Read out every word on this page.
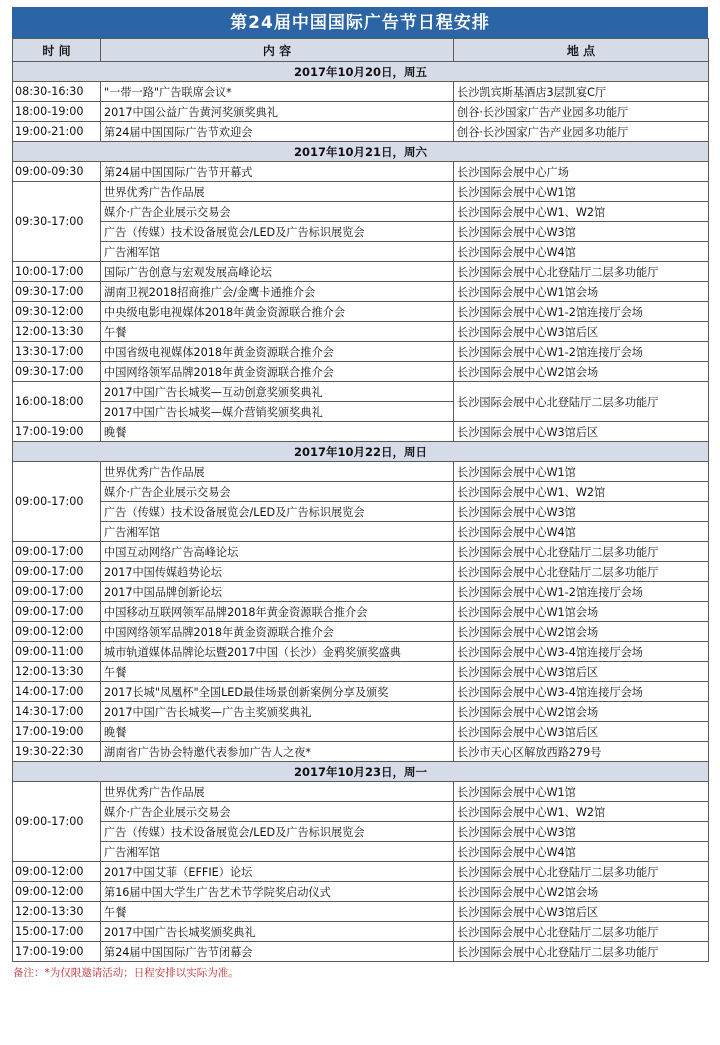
第24届中国国际广告节日程安排
时 间	内 容	地 点
2017年10月20日，周五		
08:30-16:30	"一带一路"广告联席会议*	长沙凯宾斯基酒店3层凯宴C厅
18:00-19:00	2017中国公益广告黄河奖颁奖典礼	创谷·长沙国家广告产业园多功能厅
19:00-21:00	第24届中国国际广告节欢迎会	创谷·长沙国家广告产业园多功能厅
2017年10月21日，周六		
09:00-09:30	第24届中国国际广告节开幕式	长沙国际会展中心广场
09:30-17:00	世界优秀广告作品展	长沙国际会展中心W1馆
	媒介·广告企业展示交易会	长沙国际会展中心W1、W2馆
	广告（传媒）技术设备展览会/LED及广告标识展览会	长沙国际会展中心W3馆
	广告湘军馆	长沙国际会展中心W4馆
10:00-17:00	国际广告创意与宏观发展高峰论坛	长沙国际会展中心北登陆厅二层多功能厅
09:30-17:00	湖南卫视2018招商推广会/金鹰卡通推介会	长沙国际会展中心W1馆会场
09:30-12:00	中央级电影电视媒体2018年黄金资源联合推介会	长沙国际会展中心W1-2馆连接厅会场
12:00-13:30	午餐	长沙国际会展中心W3馆后区
13:30-17:00	中国省级电视媒体2018年黄金资源联合推介会	长沙国际会展中心W1-2馆连接厅会场
09:30-17:00	中国网络领军品牌2018年黄金资源联合推介会	长沙国际会展中心W2馆会场
16:00-18:00	2017中国广告长城奖—互动创意奖颁奖典礼	长沙国际会展中心北登陆厅二层多功能厅
	2017中国广告长城奖—媒介营销奖颁奖典礼	
17:00-19:00	晚餐	长沙国际会展中心W3馆后区
2017年10月22日，周日		
09:00-17:00	世界优秀广告作品展	长沙国际会展中心W1馆
	媒介·广告企业展示交易会	长沙国际会展中心W1、W2馆
	广告（传媒）技术设备展览会/LED及广告标识展览会	长沙国际会展中心W3馆
	广告湘军馆	长沙国际会展中心W4馆
09:00-17:00	中国互动网络广告高峰论坛	长沙国际会展中心北登陆厅二层多功能厅
09:00-17:00	2017中国传媒趋势论坛	长沙国际会展中心北登陆厅二层多功能厅
09:00-17:00	2017中国品牌创新论坛	长沙国际会展中心W1-2馆连接厅会场
09:00-17:00	中国移动互联网领军品牌2018年黄金资源联合推介会	长沙国际会展中心W1馆会场
09:00-12:00	中国网络领军品牌2018年黄金资源联合推介会	长沙国际会展中心W2馆会场
09:00-11:00	城市轨道媒体品牌论坛暨2017中国（长沙）金鸦奖颁奖盛典	长沙国际会展中心W3-4馆连接厅会场
12:00-13:30	午餐	长沙国际会展中心W3馆后区
14:00-17:00	2017长城"凤凰杯"全国LED最佳场景创新案例分享及颁奖	长沙国际会展中心W3-4馆连接厅会场
14:30-17:00	2017中国广告长城奖—广告主奖颁奖典礼	长沙国际会展中心W2馆会场
17:00-19:00	晚餐	长沙国际会展中心W3馆后区
19:30-22:30	湖南省广告协会特邀代表参加广告人之夜*	长沙市天心区解放西路279号
2017年10月23日，周一		
09:00-17:00	世界优秀广告作品展	长沙国际会展中心W1馆
	媒介·广告企业展示交易会	长沙国际会展中心W1、W2馆
	广告（传媒）技术设备展览会/LED及广告标识展览会	长沙国际会展中心W3馆
	广告湘军馆	长沙国际会展中心W4馆
09:00-12:00	2017中国艾菲（EFFIE）论坛	长沙国际会展中心北登陆厅二层多功能厅
09:00-12:00	第16届中国大学生广告艺术节学院奖启动仪式	长沙国际会展中心W2馆会场
12:00-13:30	午餐	长沙国际会展中心W3馆后区
15:00-17:00	2017中国广告长城奖颁奖典礼	长沙国际会展中心北登陆厅二层多功能厅
17:00-19:00	第24届中国国际广告节闭幕会	长沙国际会展中心北登陆厅二层多功能厅
备注：*为仅限邀请活动；日程安排以实际为准。
